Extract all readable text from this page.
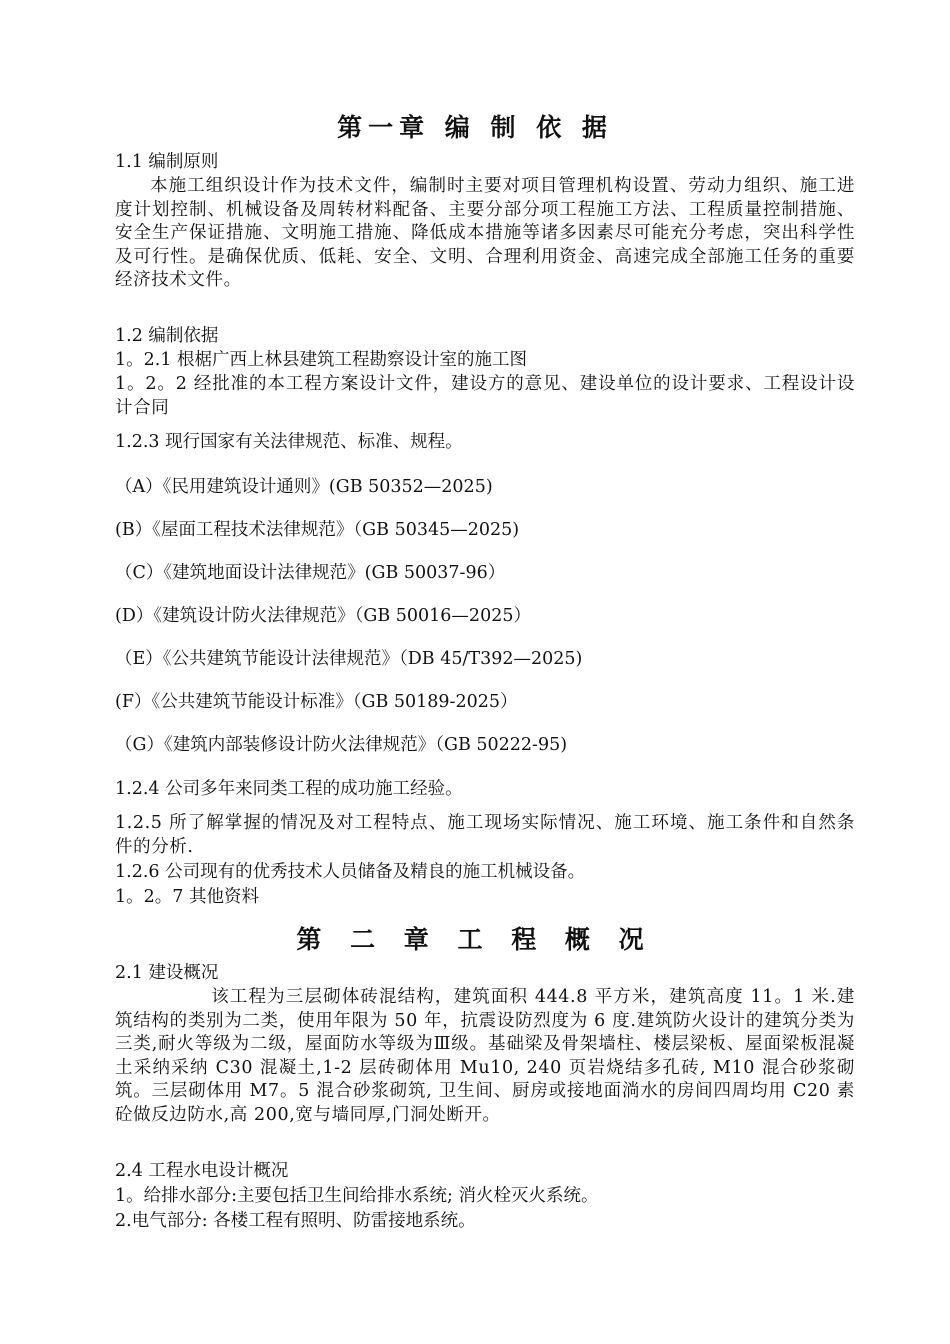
第一章 编 制 依 据

1.1 编制原则

本施工组织设计作为技术文件，编制时主要对项目管理机构设置、劳动力组织、施工进度计划控制、机械设备及周转材料配备、主要分部分项工程施工方法、工程质量控制措施、安全生产保证措施、文明施工措施、降低成本措施等诸多因素尽可能充分考虑，突出科学性及可行性。是确保优质、低耗、安全、文明、合理利用资金、高速完成全部施工任务的重要经济技术文件。

1.2 编制依据

1。2.1 根椐广西上林县建筑工程勘察设计室的施工图

1。2。2 经批准的本工程方案设计文件，建设方的意见、建设单位的设计要求、工程设计设计合同

1.2.3 现行国家有关法律规范、标准、规程。

（A）《民用建筑设计通则》(GB 50352—2025)

(B）《屋面工程技术法律规范》（GB 50345—2025)

（C）《建筑地面设计法律规范》(GB 50037-96）

(D）《建筑设计防火法律规范》（GB 50016—2025）

（E）《公共建筑节能设计法律规范》（DB 45/T392—2025)

(F）《公共建筑节能设计标准》（GB 50189-2025）

（G）《建筑内部装修设计防火法律规范》（GB 50222-95)

1.2.4 公司多年来同类工程的成功施工经验。

1.2.5 所了解掌握的情况及对工程特点、施工现场实际情况、施工环境、施工条件和自然条件的分析.

1.2.6 公司现有的优秀技术人员储备及精良的施工机械设备。

1。2。7 其他资料

第 二 章 工 程 概 况

2.1 建设概况

该工程为三层砌体砖混结构，建筑面积 444.8 平方米，建筑高度 11。1 米.建筑结构的类别为二类，使用年限为 50 年，抗震设防烈度为 6 度.建筑防火设计的建筑分类为三类,耐火等级为二级，屋面防水等级为Ⅲ级。基础梁及骨架墙柱、楼层梁板、屋面梁板混凝土采纳采纳 C30 混凝土,1-2 层砖砌体用 Mu10, 240 页岩烧结多孔砖, M10 混合砂浆砌筑。三层砌体用 M7。5 混合砂浆砌筑, 卫生间、厨房或接地面淌水的房间四周均用 C20 素砼做反边防水,高 200,宽与墙同厚,门洞处断开。

2.4 工程水电设计概况

1。给排水部分:主要包括卫生间给排水系统; 消火栓灭火系统。

2.电气部分: 各楼工程有照明、防雷接地系统。
